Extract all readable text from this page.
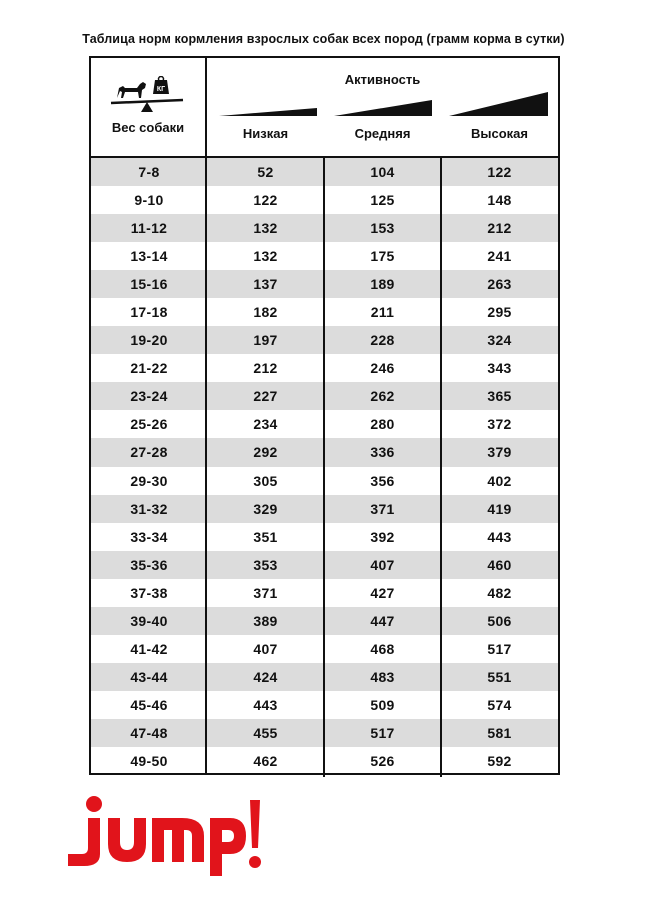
Таблица норм кормления взрослых собак всех пород (грамм корма в сутки)
КГ
Вес собаки
Активность
Низкая	Средняя	Высокая
7-8	52	104	122
9-10	122	125	148
11-12	132	153	212
13-14	132	175	241
15-16	137	189	263
17-18	182	211	295
19-20	197	228	324
21-22	212	246	343
23-24	227	262	365
25-26	234	280	372
27-28	292	336	379
29-30	305	356	402
31-32	329	371	419
33-34	351	392	443
35-36	353	407	460
37-38	371	427	482
39-40	389	447	506
41-42	407	468	517
43-44	424	483	551
45-46	443	509	574
47-48	455	517	581
49-50	462	526	592
jump!
